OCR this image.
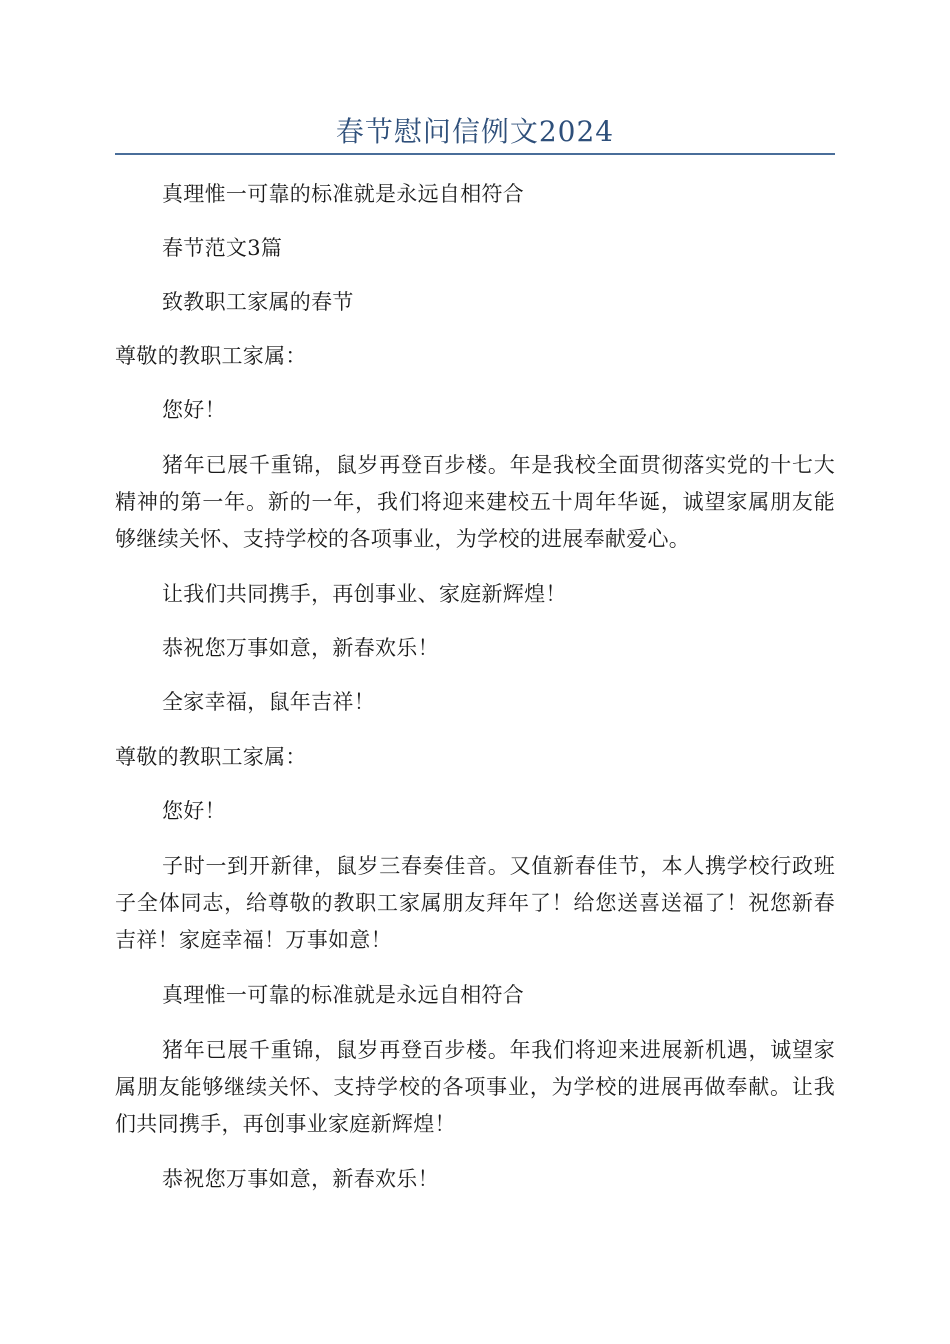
春节慰问信例文2024

真理惟一可靠的标准就是永远自相符合

春节范文3篇

致教职工家属的春节

尊敬的教职工家属：

您好！

猪年已展千重锦，鼠岁再登百步楼。年是我校全面贯彻落实党的十七大精神的第一年。新的一年，我们将迎来建校五十周年华诞，诚望家属朋友能够继续关怀、支持学校的各项事业，为学校的进展奉献爱心。

让我们共同携手，再创事业、家庭新辉煌！

恭祝您万事如意，新春欢乐！

全家幸福，鼠年吉祥！

尊敬的教职工家属：

您好！

子时一到开新律，鼠岁三春奏佳音。又值新春佳节，本人携学校行政班子全体同志，给尊敬的教职工家属朋友拜年了！给您送喜送福了！祝您新春吉祥！家庭幸福！万事如意！

真理惟一可靠的标准就是永远自相符合

猪年已展千重锦，鼠岁再登百步楼。年我们将迎来进展新机遇，诚望家属朋友能够继续关怀、支持学校的各项事业，为学校的进展再做奉献。让我们共同携手，再创事业家庭新辉煌！

恭祝您万事如意，新春欢乐！
